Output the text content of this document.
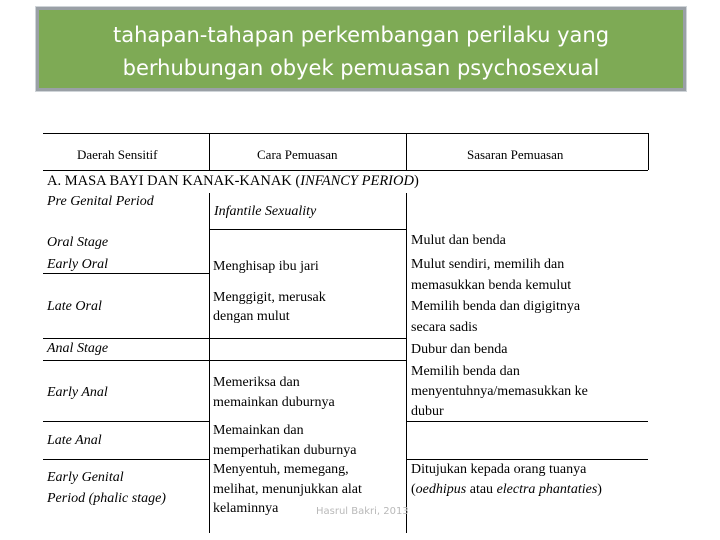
tahapan-tahapan perkembangan perilaku yang
berhubungan obyek pemuasan psychosexual
Daerah Sensitif	Cara Pemuasan	Sasaran Pemuasan
A. MASA BAYI DAN KANAK-KANAK (INFANCY PERIOD)
Pre Genital Period
Oral Stage
Early Oral
Late Oral
Anal Stage
Early Anal
Late Anal
Early Genital
Period (phalic stage)
Infantile Sexuality
Menghisap ibu jari
Menggigit, merusak
dengan mulut
Memeriksa dan
memainkan duburnya
Memainkan dan
memperhatikan duburnya
Menyentuh, memegang,
melihat, menunjukkan alat
kelaminnya
Mulut dan benda
Mulut sendiri, memilih dan
memasukkan benda kemulut
Memilih benda dan digigitnya
secara sadis
Dubur dan benda
Memilih benda dan
menyentuhnya/memasukkan ke
dubur
Ditujukan kepada orang tuanya
(oedhipus atau electra phantaties)
Hasrul Bakri, 2013
